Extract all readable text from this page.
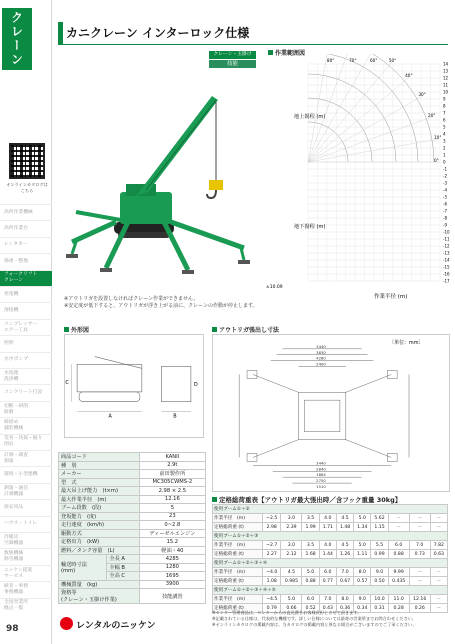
クレーン
オンラインカタログは
こちら
高所作業機械
高所作業台
レンタカー
揚重・整地
フォークリフト
クレーン
発電機
溶接機
コンプレッサー
エアー工具
照明
水中ポンプ
水処理
洗浄機
コンクリート打設
切断・研削
研磨
締固め
舗装機械
荒骨・伐採・掘り
削岩
計測・調査
測量
環境・小型建機
測量・通信
計測機器
保安用品
ハウス・トイレ
冷暖房
空調機器
数値機械
除雪機器
ニッケン提案
サービス
歓者・事務
事務機器
全国営業所
拠点一覧
98
カニクレーン インターロック仕様
クレーン・玉掛け
技能
※アウトリガを設置しなければクレーン作業ができません。
※安定度が低下すると、アウトリガが浮き上がる前に、クレーンの作動が停止します。
作業範囲図
14
13
12
11
10
9
8
7
6
5
4
3
2
1
0
-1
-2
-3
-4
-5
-6
-7
-8
-9
-10
-11
-12
-13
-14
-15
-16
-17
80°	70°	60°	50°
40°
30°
20°
10°
0°
地上揚程 (m)
地下揚程 (m)
±10.09
作業半径 (m)
外形図
A	B
C	D
アウトリガ張出し寸法
〔単位：mm〕
3440
3830
4280
2400
3440
2840
1864
2750
1510
商品コード		KANII
種　別		2.9t
メーカー		前田製作所
型　式		MC305CWMS-2
最大吊上げ能力　(t×m)		2.98 × 2.5
最大作業半径　(m)		12.16
ブーム段数　(段)		5
登坂能力　(度)		23
走行速度　(km/h)		0~2.8
駆動方式		ディーゼルエンジン
定格出力　(kW)		15.2
燃料／タンク容量　(L)		軽油・40
輸送時寸法
(mm)	全長 A	4285
	全幅 B	1280
	全高 C	1695
機械質量　(kg)		3900
資格等
(クレーン・玉掛け作業)		技能講習
定格総荷重表【アウトリガ最大張出時／含フック重量 30kg】
使用ブーム①＋②										
作業半径　(m)	~2.5	3.0	3.5	4.0	4.5	5.0	5.62	－	－	－
定格総荷重 (t)	2.98	2.39	1.99	1.71	1.48	1.34	1.15	－	－	－
使用ブーム①＋②＋③										
作業半径　(m)	~2.7	3.0	3.5	4.0	4.5	5.0	5.5	6.0	7.0	7.82
定格総荷重 (t)	2.27	2.12	1.68	1.44	1.26	1.11	0.99	0.88	0.73	0.63
使用ブーム①＋②＋③＋④										
作業半径　(m)	~4.0	4.5	5.0	6.0	7.0	8.0	9.0	9.99	－	－
定格総荷重 (t)	1.08	0.985	0.88	0.77	0.67	0.57	0.50	0.435	－	－
使用ブーム①＋②＋③＋④＋⑤										
作業半径　(m)	~4.5	5.0	6.0	7.0	8.0	9.0	10.0	11.0	12.16	－
定格総荷重 (t)	0.79	0.66	0.52	0.43	0.36	0.34	0.31	0.28	0.26	－
※センター管理商品は、センターからの直送費をお客様負担とさせて頂きます。
※記載されている仕様は、代表的な機種です。詳しい仕様については最寄の営業所までお問合わせください。
※オンラインカタログの掲載内容は、当カタログの掲載内容と異なる場合がございますのでご了承ください。
レンタルのニッケン
